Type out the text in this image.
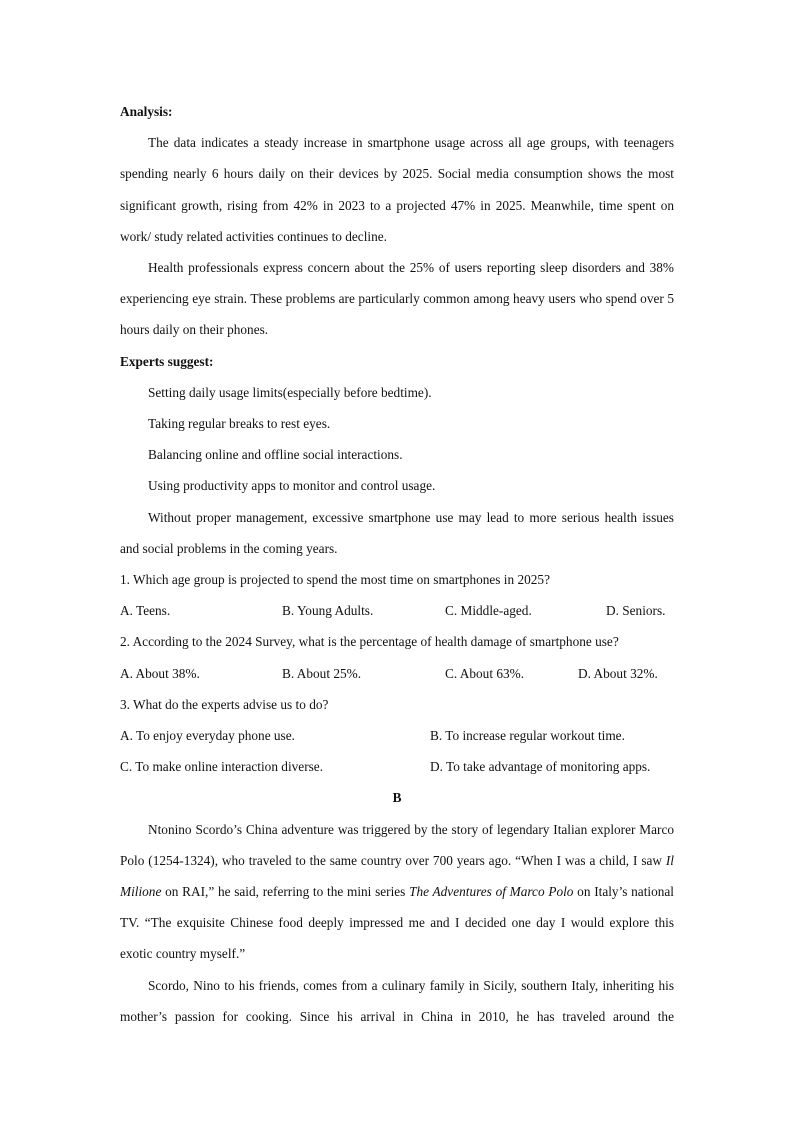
Analysis:
The data indicates a steady increase in smartphone usage across all age groups, with teenagers spending nearly 6 hours daily on their devices by 2025. Social media consumption shows the most significant growth, rising from 42% in 2023 to a projected 47% in 2025. Meanwhile, time spent on work/ study related activities continues to decline.
Health professionals express concern about the 25% of users reporting sleep disorders and 38% experiencing eye strain. These problems are particularly common among heavy users who spend over 5 hours daily on their phones.
Experts suggest:
Setting daily usage limits(especially before bedtime).
Taking regular breaks to rest eyes.
Balancing online and offline social interactions.
Using productivity apps to monitor and control usage.
Without proper management, excessive smartphone use may lead to more serious health issues and social problems in the coming years.
1. Which age group is projected to spend the most time on smartphones in 2025?
A. Teens.	B. Young Adults.	C. Middle-aged.	D. Seniors.
2. According to the 2024 Survey, what is the percentage of health damage of smartphone use?
A. About 38%.	B. About 25%.	C. About 63%.	D. About 32%.
3. What do the experts advise us to do?
A. To enjoy everyday phone use.	B. To increase regular workout time.
C. To make online interaction diverse.	D. To take advantage of monitoring apps.
B
Ntonino Scordo’s China adventure was triggered by the story of legendary Italian explorer Marco Polo (1254-1324), who traveled to the same country over 700 years ago. “When I was a child, I saw Il Milione on RAI,” he said, referring to the mini series The Adventures of Marco Polo on Italy’s national TV. “The exquisite Chinese food deeply impressed me and I decided one day I would explore this exotic country myself.”
Scordo, Nino to his friends, comes from a culinary family in Sicily, southern Italy, inheriting his mother’s passion for cooking. Since his arrival in China in 2010, he has traveled around the
